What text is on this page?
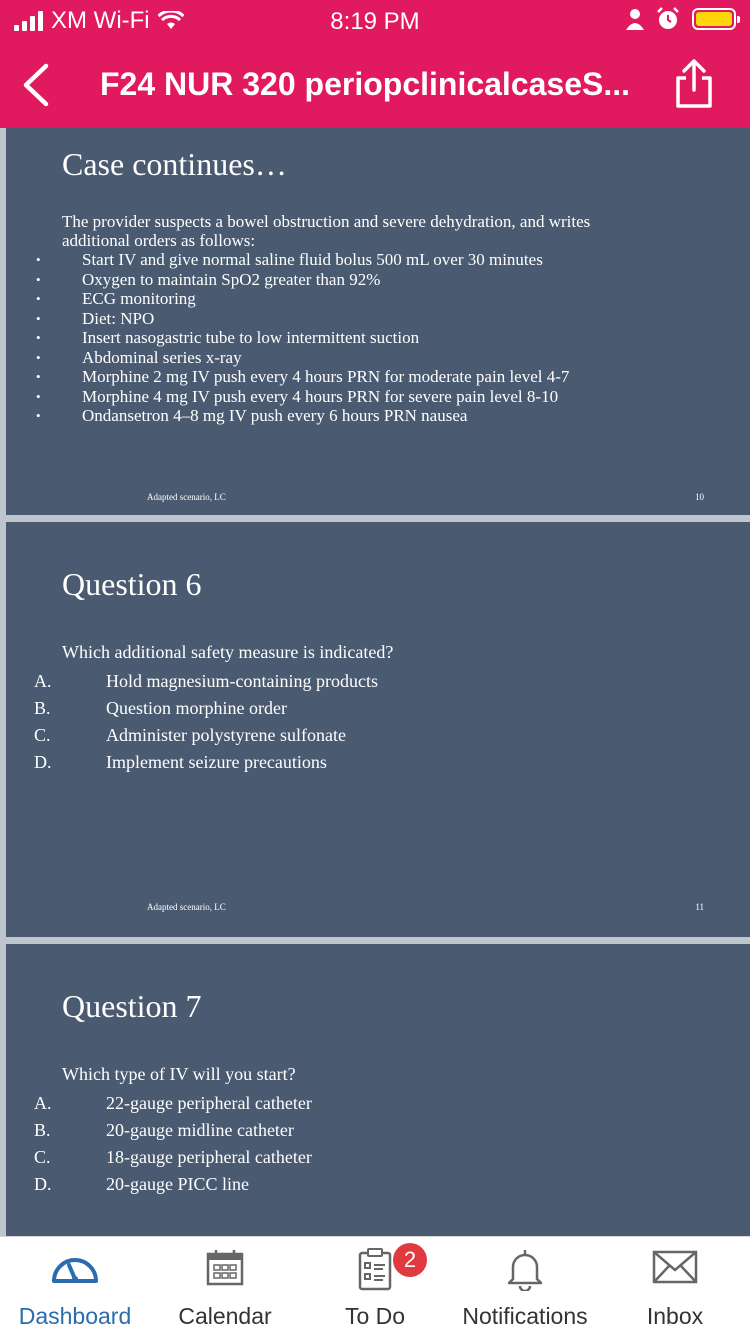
XM Wi-Fi	8:19 PM
F24 NUR 320 periopclinicalcaseS...
Case continues…
The provider suspects a bowel obstruction and severe dehydration, and writes additional orders as follows:
• Start IV and give normal saline fluid bolus 500 mL over 30 minutes
• Oxygen to maintain SpO2 greater than 92%
• ECG monitoring
• Diet: NPO
• Insert nasogastric tube to low intermittent suction
• Abdominal series x-ray
• Morphine 2 mg IV push every 4 hours PRN for moderate pain level 4-7
• Morphine 4 mg IV push every 4 hours PRN for severe pain level 8-10
• Ondansetron 4–8 mg IV push every 6 hours PRN nausea
Adapted scenario, LC	10
Question 6
Which additional safety measure is indicated?
A.	Hold magnesium-containing products
B.	Question morphine order
C.	Administer polystyrene sulfonate
D.	Implement seizure precautions
Adapted scenario, LC	11
Question 7
Which type of IV will you start?
A.	22-gauge peripheral catheter
B.	20-gauge midline catheter
C.	18-gauge peripheral catheter
D.	20-gauge PICC line
Dashboard	Calendar	To Do
2
Notifications	Inbox
